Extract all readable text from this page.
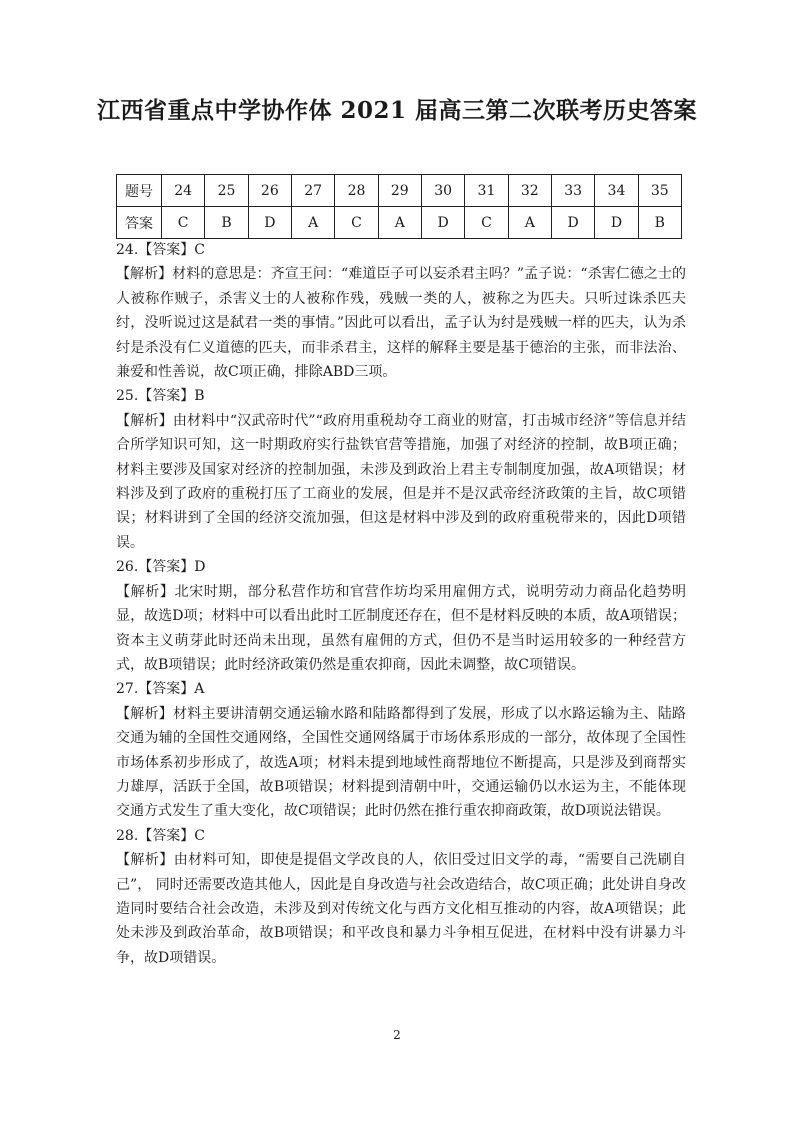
江西省重点中学协作体 2021 届高三第二次联考历史答案
题号	24	25	26	27	28	29	30	31	32	33	34	35
答案	C	B	D	A	C	A	D	C	A	D	D	B
24.【答案】C
【解析】材料的意思是：齐宣王问：“难道臣子可以妄杀君主吗？”孟子说：“杀害仁德之士的人被称作贼子，杀害义士的人被称作残，残贼一类的人，被称之为匹夫。只听过诛杀匹夫纣，没听说过这是弑君一类的事情。”因此可以看出，孟子认为纣是残贼一样的匹夫，认为杀纣是杀没有仁义道德的匹夫，而非杀君主，这样的解释主要是基于德治的主张，而非法治、兼爱和性善说，故C项正确，排除ABD三项。
25.【答案】B
【解析】由材料中“汉武帝时代”“政府用重税劫夺工商业的财富，打击城市经济”等信息并结合所学知识可知，这一时期政府实行盐铁官营等措施，加强了对经济的控制，故B项正确；材料主要涉及国家对经济的控制加强，未涉及到政治上君主专制制度加强，故A项错误；材料涉及到了政府的重税打压了工商业的发展，但是并不是汉武帝经济政策的主旨，故C项错误；材料讲到了全国的经济交流加强，但这是材料中涉及到的政府重税带来的，因此D项错误。
26.【答案】D
【解析】北宋时期，部分私营作坊和官营作坊均采用雇佣方式，说明劳动力商品化趋势明显，故选D项；材料中可以看出此时工匠制度还存在，但不是材料反映的本质，故A项错误；资本主义萌芽此时还尚未出现，虽然有雇佣的方式，但仍不是当时运用较多的一种经营方式，故B项错误；此时经济政策仍然是重农抑商，因此未调整，故C项错误。
27.【答案】A
【解析】材料主要讲清朝交通运输水路和陆路都得到了发展，形成了以水路运输为主、陆路交通为辅的全国性交通网络，全国性交通网络属于市场体系形成的一部分，故体现了全国性市场体系初步形成了，故选A项；材料未提到地域性商帮地位不断提高，只是涉及到商帮实力雄厚，活跃于全国，故B项错误；材料提到清朝中叶，交通运输仍以水运为主，不能体现交通方式发生了重大变化，故C项错误；此时仍然在推行重农抑商政策，故D项说法错误。
28.【答案】C
【解析】由材料可知，即使是提倡文学改良的人，依旧受过旧文学的毒，“需要自己洗刷自己”， 同时还需要改造其他人，因此是自身改造与社会改造结合，故C项正确；此处讲自身改造同时要结合社会改造，未涉及到对传统文化与西方文化相互推动的内容，故A项错误；此处未涉及到政治革命，故B项错误；和平改良和暴力斗争相互促进，在材料中没有讲暴力斗争，故D项错误。
2
